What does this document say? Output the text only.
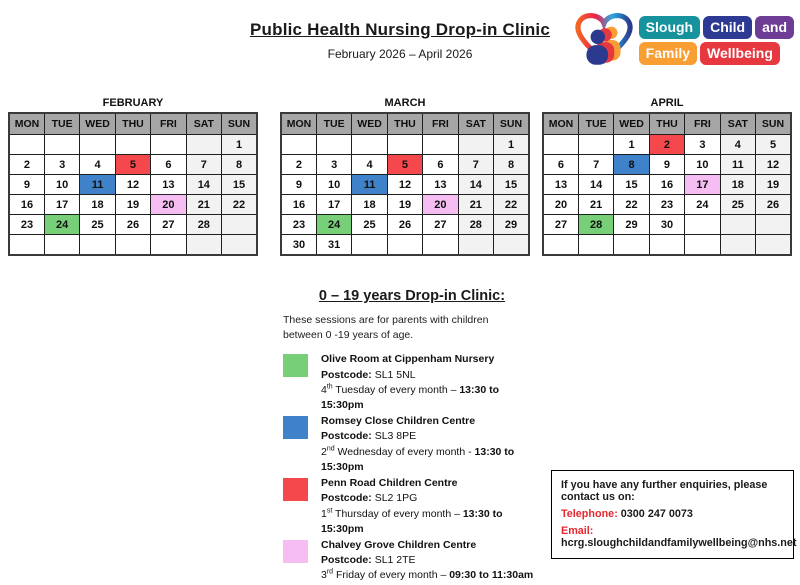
Public Health Nursing Drop-in Clinic
February 2026 – April 2026
Slough	Child	and
Family	Wellbeing
FEBRUARY
MON	TUE	WED	THU	FRI	SAT	SUN
						1
2	3	4	5	6	7	8
9	10	11	12	13	14	15
16	17	18	19	20	21	22
23	24	25	26	27	28	

MARCH
MON	TUE	WED	THU	FRI	SAT	SUN
						1
2	3	4	5	6	7	8
9	10	11	12	13	14	15
16	17	18	19	20	21	22
23	24	25	26	27	28	29
30	31					
APRIL
MON	TUE	WED	THU	FRI	SAT	SUN
		1	2	3	4	5
6	7	8	9	10	11	12
13	14	15	16	17	18	19
20	21	22	23	24	25	26
27	28	29	30			

0 – 19 years Drop-in Clinic:
These sessions are for parents with children
between 0 -19 years of age.
Olive Room at Cippenham Nursery
Postcode: SL1 5NL
4th Tuesday of every month – 13:30 to 15:30pm
Romsey Close Children Centre
Postcode: SL3 8PE
2nd Wednesday of every month - 13:30 to 15:30pm
Penn Road Children Centre
Postcode: SL2 1PG
1st Thursday of every month – 13:30 to 15:30pm
Chalvey Grove Children Centre
Postcode: SL1 2TE
3rd Friday of every month – 09:30 to 11:30am
If you have any further enquiries, please contact us on:
Telephone: 0300 247 0073
Email: hcrg.sloughchildandfamilywellbeing@nhs.net
